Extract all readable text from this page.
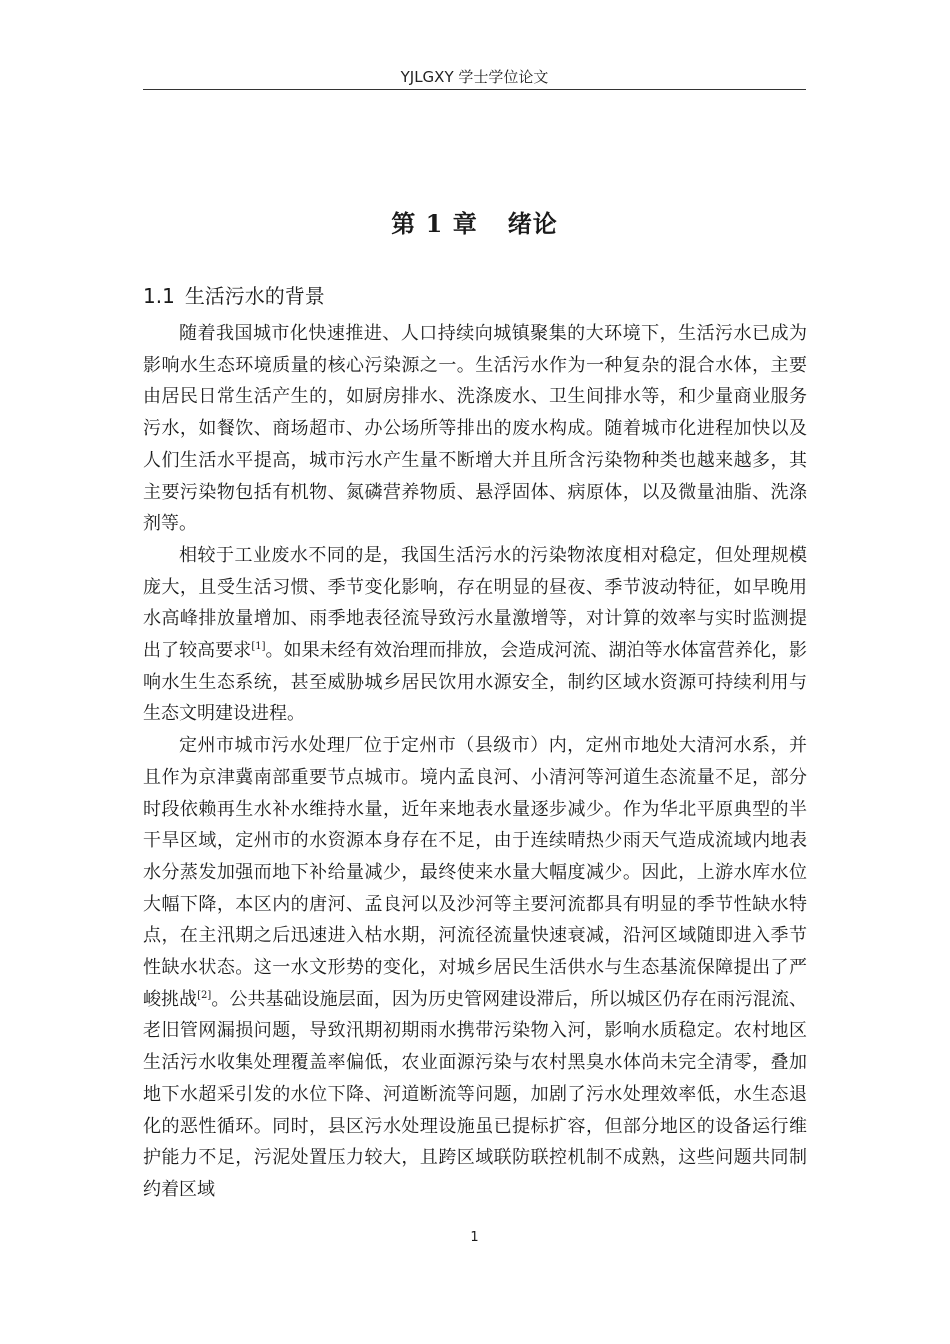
YJLGXY 学士学位论文
第 1 章 绪论
1.1 生活污水的背景

随着我国城市化快速推进、人口持续向城镇聚集的大环境下，生活污水已成为影响水生态环境质量的核心污染源之一。生活污水作为一种复杂的混合水体，主要由居民日常生活产生的，如厨房排水、洗涤废水、卫生间排水等，和少量商业服务污水，如餐饮、商场超市、办公场所等排出的废水构成。随着城市化进程加快以及人们生活水平提高，城市污水产生量不断增大并且所含污染物种类也越来越多，其主要污染物包括有机物、氮磷营养物质、悬浮固体、病原体，以及微量油脂、洗涤剂等。

相较于工业废水不同的是，我国生活污水的污染物浓度相对稳定，但处理规模庞大，且受生活习惯、季节变化影响，存在明显的昼夜、季节波动特征，如早晚用水高峰排放量增加、雨季地表径流导致污水量激增等，对计算的效率与实时监测提出了较高要求[1]。如果未经有效治理而排放，会造成河流、湖泊等水体富营养化，影响水生生态系统，甚至威胁城乡居民饮用水源安全，制约区域水资源可持续利用与生态文明建设进程。

定州市城市污水处理厂位于定州市（县级市）内，定州市地处大清河水系，并且作为京津冀南部重要节点城市。境内孟良河、小清河等河道生态流量不足，部分时段依赖再生水补水维持水量，近年来地表水量逐步减少。作为华北平原典型的半干旱区域，定州市的水资源本身存在不足，由于连续晴热少雨天气造成流域内地表水分蒸发加强而地下补给量减少，最终使来水量大幅度减少。因此，上游水库水位大幅下降，本区内的唐河、孟良河以及沙河等主要河流都具有明显的季节性缺水特点，在主汛期之后迅速进入枯水期，河流径流量快速衰减，沿河区域随即进入季节性缺水状态。这一水文形势的变化，对城乡居民生活供水与生态基流保障提出了严峻挑战[2]。公共基础设施层面，因为历史管网建设滞后，所以城区仍存在雨污混流、老旧管网漏损问题，导致汛期初期雨水携带污染物入河，影响水质稳定。农村地区生活污水收集处理覆盖率偏低，农业面源污染与农村黑臭水体尚未完全清零，叠加地下水超采引发的水位下降、河道断流等问题，加剧了污水处理效率低，水生态退化的恶性循环。同时，县区污水处理设施虽已提标扩容，但部分地区的设备运行维护能力不足，污泥处置压力较大，且跨区域联防联控机制不成熟，这些问题共同制约着区域

1
